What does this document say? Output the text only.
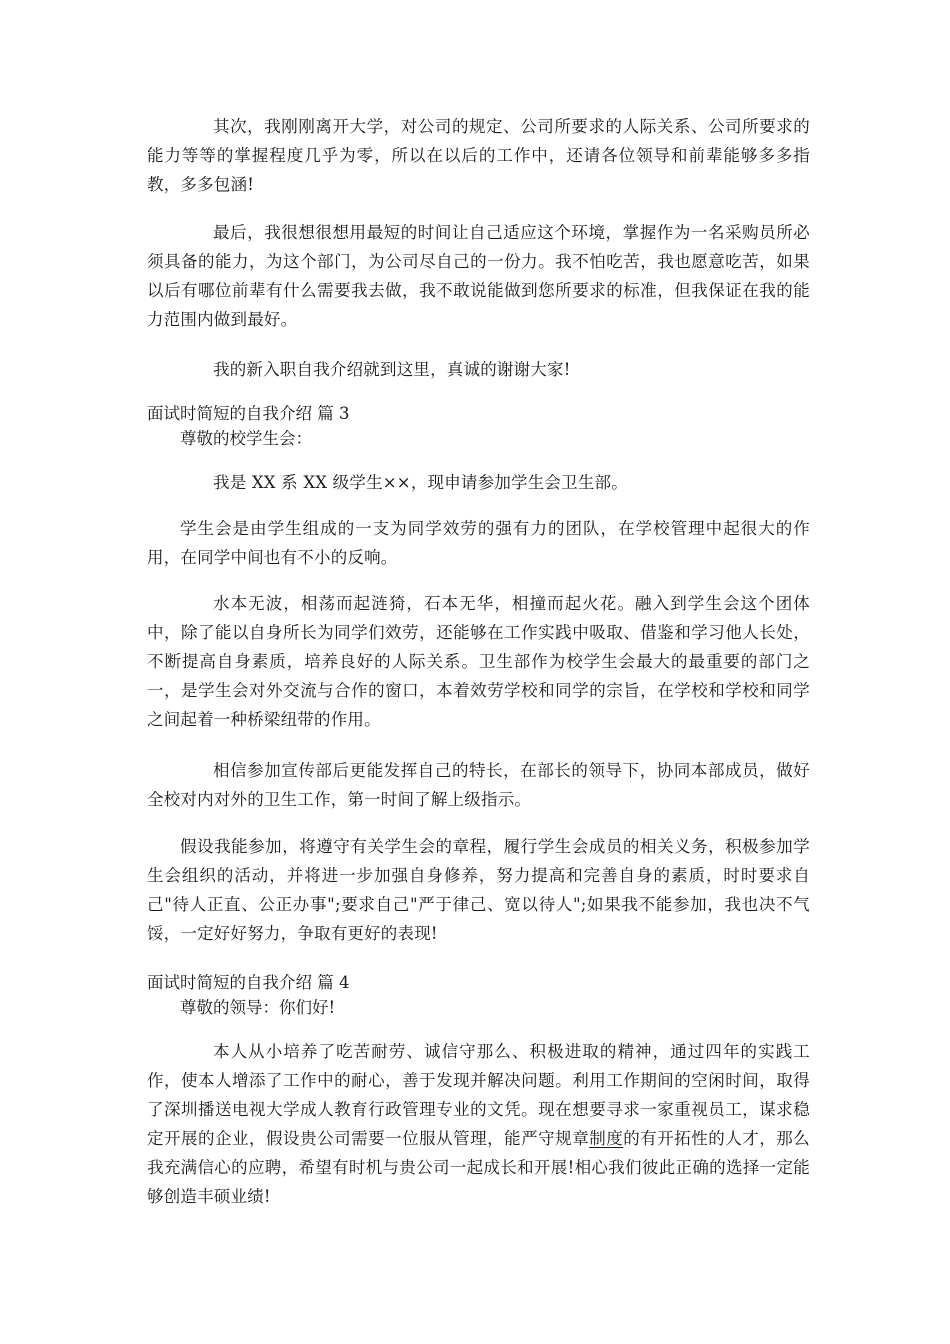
其次，我刚刚离开大学，对公司的规定、公司所要求的人际关系、公司所要求的能力等等的掌握程度几乎为零，所以在以后的工作中，还请各位领导和前辈能够多多指教，多多包涵!

最后，我很想很想用最短的时间让自己适应这个环境，掌握作为一名采购员所必须具备的能力，为这个部门，为公司尽自己的一份力。我不怕吃苦，我也愿意吃苦，如果以后有哪位前辈有什么需要我去做，我不敢说能做到您所要求的标准，但我保证在我的能力范围内做到最好。

我的新入职自我介绍就到这里，真诚的谢谢大家!

面试时简短的自我介绍 篇 3

尊敬的校学生会：

我是 XX 系 XX 级学生××，现申请参加学生会卫生部。

学生会是由学生组成的一支为同学效劳的强有力的团队，在学校管理中起很大的作用，在同学中间也有不小的反响。

水本无波，相荡而起涟猗，石本无华，相撞而起火花。融入到学生会这个团体中，除了能以自身所长为同学们效劳，还能够在工作实践中吸取、借鉴和学习他人长处，不断提高自身素质，培养良好的人际关系。卫生部作为校学生会最大的最重要的部门之一，是学生会对外交流与合作的窗口，本着效劳学校和同学的宗旨，在学校和学校和同学之间起着一种桥梁纽带的作用。

相信参加宣传部后更能发挥自己的特长，在部长的领导下，协同本部成员，做好全校对内对外的卫生工作，第一时间了解上级指示。

假设我能参加，将遵守有关学生会的章程，履行学生会成员的相关义务，积极参加学生会组织的活动，并将进一步加强自身修养，努力提高和完善自身的素质，时时要求自己"待人正直、公正办事";要求自己"严于律己、宽以待人";如果我不能参加，我也决不气馁，一定好好努力，争取有更好的表现!

面试时简短的自我介绍 篇 4

尊敬的领导：你们好!

本人从小培养了吃苦耐劳、诚信守那么、积极进取的精神，通过四年的实践工作，使本人增添了工作中的耐心，善于发现并解决问题。利用工作期间的空闲时间，取得了深圳播送电视大学成人教育行政管理专业的文凭。现在想要寻求一家重视员工，谋求稳定开展的企业，假设贵公司需要一位服从管理，能严守规章制度的有开拓性的人才，那么我充满信心的应聘，希望有时机与贵公司一起成长和开展!相心我们彼此正确的选择一定能够创造丰硕业绩!
